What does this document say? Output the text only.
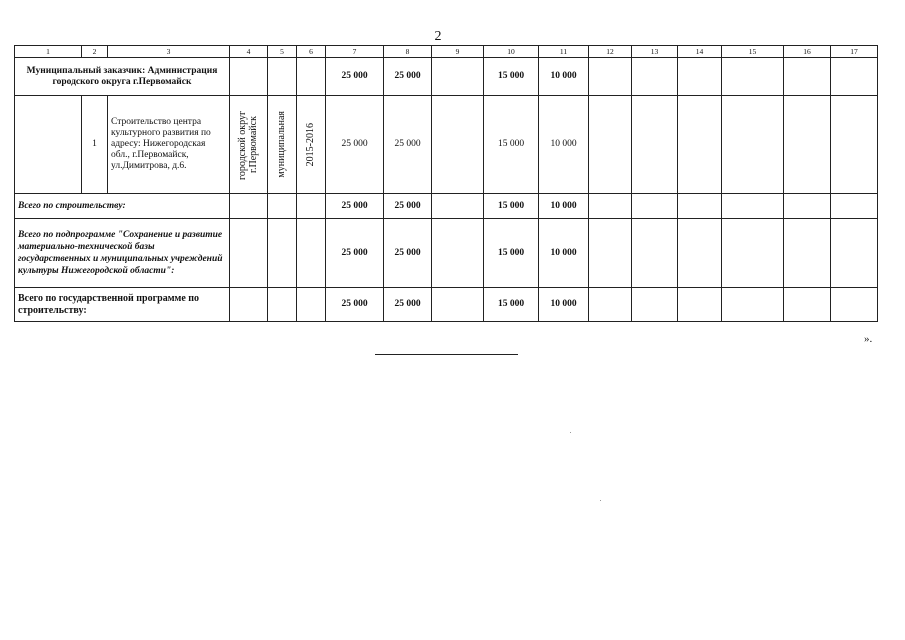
2
1	2	3	4	5	6	7	8	9	10	11	12	13	14	15	16	17
Муниципальный заказчик: Администрация городского округа г.Первомайск						25 000	25 000		15 000	10 000						
	1	Строительство центра культурного развития по адресу: Нижегородская обл., г.Первомайск, ул.Димитрова, д.6.	городской округ г.Первомайск	муниципальная	2015-2016	25 000	25 000		15 000	10 000						
Всего по строительству:						25 000	25 000		15 000	10 000						
Всего по подпрограмме "Сохранение и развитие материально-технической базы государственных и муниципальных учреждений культуры Нижегородской области":						25 000	25 000		15 000	10 000						
Всего по государственной программе по строительству:						25 000	25 000		15 000	10 000						
».
